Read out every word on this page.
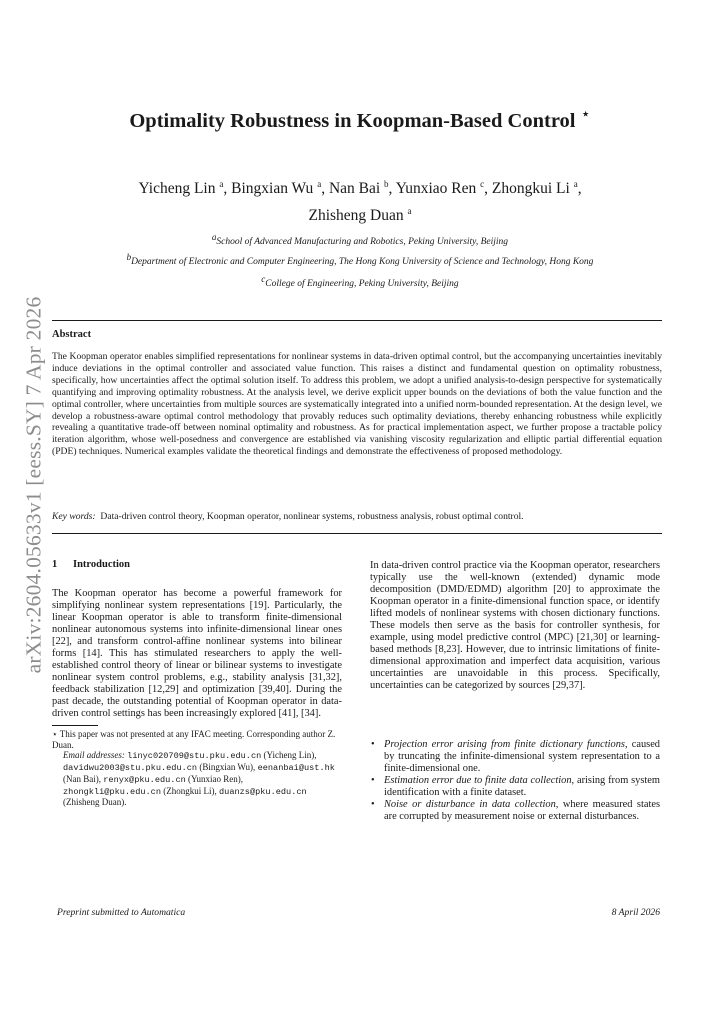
arXiv:2604.05633v1 [eess.SY] 7 Apr 2026
Optimality Robustness in Koopman-Based Control ⋆
Yicheng Lin $^a$, Bingxian Wu $^a$, Nan Bai $^b$, Yunxiao Ren $^c$, Zhongkui Li $^a$,
Zhisheng Duan $^a$
$^a$School of Advanced Manufacturing and Robotics, Peking University, Beijing
$^b$Department of Electronic and Computer Engineering, The Hong Kong University of Science and Technology, Hong Kong
$^c$College of Engineering, Peking University, Beijing
Abstract
The Koopman operator enables simplified representations for nonlinear systems in data-driven optimal control, but the accompanying uncertainties inevitably induce deviations in the optimal controller and associated value function. This raises a distinct and fundamental question on optimality robustness, specifically, how uncertainties affect the optimal solution itself. To address this problem, we adopt a unified analysis-to-design perspective for systematically quantifying and improving optimality robustness. At the analysis level, we derive explicit upper bounds on the deviations of both the value function and the optimal controller, where uncertainties from multiple sources are systematically integrated into a unified norm-bounded representation. At the design level, we develop a robustness-aware optimal control methodology that provably reduces such optimality deviations, thereby enhancing robustness while explicitly revealing a quantitative trade-off between nominal optimality and robustness. As for practical implementation aspect, we further propose a tractable policy iteration algorithm, whose well-posedness and convergence are established via vanishing viscosity regularization and elliptic partial differential equation (PDE) techniques. Numerical examples validate the theoretical findings and demonstrate the effectiveness of proposed methodology.
Key words: Data-driven control theory, Koopman operator, nonlinear systems, robustness analysis, robust optimal control.
1 Introduction
The Koopman operator has become a powerful framework for simplifying nonlinear system representations [19]. Particularly, the linear Koopman operator is able to transform finite-dimensional nonlinear autonomous systems into infinite-dimensional linear ones [22], and transform control-affine nonlinear systems into bilinear forms [14]. This has stimulated researchers to apply the well-established control theory of linear or bilinear systems to investigate nonlinear system control problems, e.g., stability analysis [31,32], feedback stabilization [12,29] and optimization [39,40]. During the past decade, the outstanding potential of Koopman operator in data-driven control settings has been increasingly explored [41], [34].
⋆ This paper was not presented at any IFAC meeting. Corresponding author Z. Duan.
Email addresses: linyc020709@stu.pku.edu.cn (Yicheng Lin), davidwu2003@stu.pku.edu.cn (Bingxian Wu), eenanbai@ust.hk (Nan Bai), renyx@pku.edu.cn (Yunxiao Ren), zhongkli@pku.edu.cn (Zhongkui Li), duanzs@pku.edu.cn (Zhisheng Duan).
In data-driven control practice via the Koopman operator, researchers typically use the well-known (extended) dynamic mode decomposition (DMD/EDMD) algorithm [20] to approximate the Koopman operator in a finite-dimensional function space, or identify lifted models of nonlinear systems with chosen dictionary functions. These models then serve as the basis for controller synthesis, for example, using model predictive control (MPC) [21,30] or learning-based methods [8,23]. However, due to intrinsic limitations of finite-dimensional approximation and imperfect data acquisition, various uncertainties are unavoidable in this process. Specifically, uncertainties can be categorized by sources [29,37].
• Projection error arising from finite dictionary functions, caused by truncating the infinite-dimensional system representation to a finite-dimensional one.
• Estimation error due to finite data collection, arising from system identification with a finite dataset.
• Noise or disturbance in data collection, where measured states are corrupted by measurement noise or external disturbances.
Preprint submitted to Automatica	8 April 2026
